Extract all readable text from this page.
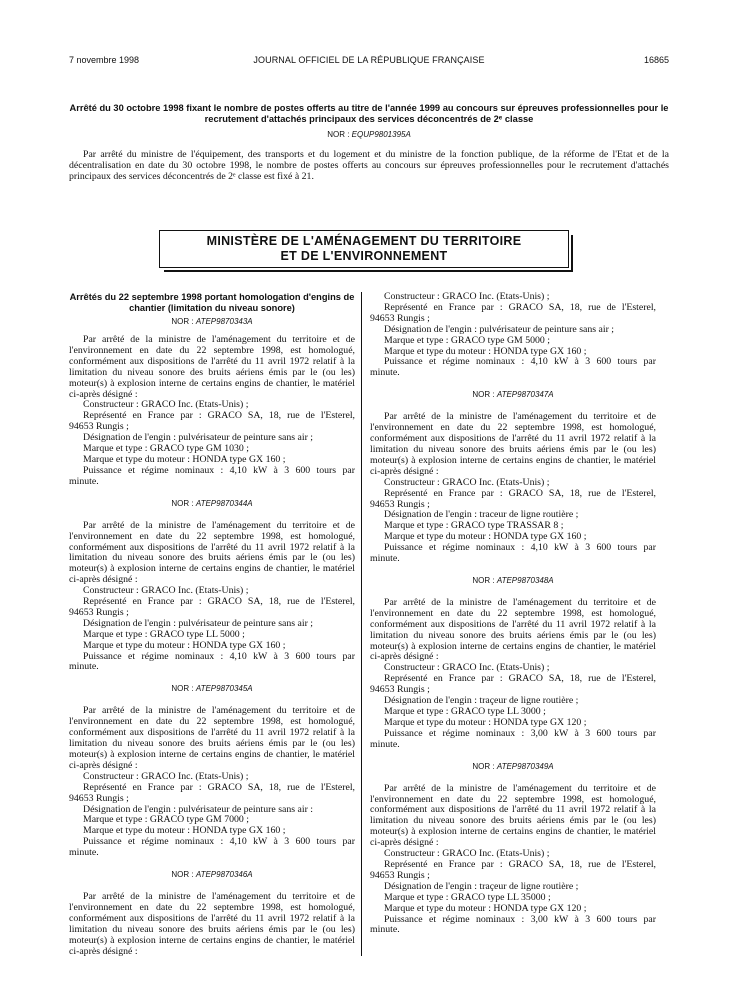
7 novembre 1998	JOURNAL OFFICIEL DE LA RÉPUBLIQUE FRANÇAISE	16865

Arrêté du 30 octobre 1998 fixant le nombre de postes offerts au titre de l'année 1999 au concours sur épreuves professionnelles pour le recrutement d'attachés principaux des services déconcentrés de 2ᵉ classe

NOR : EQUP9801395A

Par arrêté du ministre de l'équipement, des transports et du logement et du ministre de la fonction publique, de la réforme de l'Etat et de la décentralisation en date du 30 octobre 1998, le nombre de postes offerts au concours sur épreuves professionnelles pour le recrutement d'attachés principaux des services déconcentrés de 2ᵉ classe est fixé à 21.

MINISTÈRE DE L'AMÉNAGEMENT DU TERRITOIRE
ET DE L'ENVIRONNEMENT

Arrêtés du 22 septembre 1998 portant homologation d'engins de chantier (limitation du niveau sonore)

NOR : ATEP9870343A

Par arrêté de la ministre de l'aménagement du territoire et de l'environnement en date du 22 septembre 1998, est homologué, conformément aux dispositions de l'arrêté du 11 avril 1972 relatif à la limitation du niveau sonore des bruits aériens émis par le (ou les) moteur(s) à explosion interne de certains engins de chantier, le matériel ci-après désigné :

Constructeur : GRACO Inc. (Etats-Unis) ;

Représenté en France par : GRACO SA, 18, rue de l'Esterel,

94653 Rungis ;

Désignation de l'engin : pulvérisateur de peinture sans air ;

Marque et type : GRACO type GM 1030 ;

Marque et type du moteur : HONDA type GX 160 ;

Puissance et régime nominaux : 4,10 kW à 3 600 tours par

minute.

NOR : ATEP9870344A

Par arrêté de la ministre de l'aménagement du territoire et de l'environnement en date du 22 septembre 1998, est homologué, conformément aux dispositions de l'arrêté du 11 avril 1972 relatif à la limitation du niveau sonore des bruits aériens émis par le (ou les) moteur(s) à explosion interne de certains engins de chantier, le matériel ci-après désigné :

Constructeur : GRACO Inc. (Etats-Unis) ;

Représenté en France par : GRACO SA, 18, rue de l'Esterel,

94653 Rungis ;

Désignation de l'engin : pulvérisateur de peinture sans air ;

Marque et type : GRACO type LL 5000 ;

Marque et type du moteur : HONDA type GX 160 ;

Puissance et régime nominaux : 4,10 kW à 3 600 tours par

minute.

NOR : ATEP9870345A

Par arrêté de la ministre de l'aménagement du territoire et de l'environnement en date du 22 septembre 1998, est homologué, conformément aux dispositions de l'arrêté du 11 avril 1972 relatif à la limitation du niveau sonore des bruits aériens émis par le (ou les) moteur(s) à explosion interne de certains engins de chantier, le matériel ci-après désigné :

Constructeur : GRACO Inc. (Etats-Unis) ;

Représenté en France par : GRACO SA, 18, rue de l'Esterel,

94653 Rungis ;

Désignation de l'engin : pulvérisateur de peinture sans air :

Marque et type : GRACO type GM 7000 ;

Marque et type du moteur : HONDA type GX 160 ;

Puissance et régime nominaux : 4,10 kW à 3 600 tours par

minute.

NOR : ATEP9870346A

Par arrêté de la ministre de l'aménagement du territoire et de l'environnement en date du 22 septembre 1998, est homologué, conformément aux dispositions de l'arrêté du 11 avril 1972 relatif à la limitation du niveau sonore des bruits aériens émis par le (ou les) moteur(s) à explosion interne de certains engins de chantier, le matériel ci-après désigné :

Constructeur : GRACO Inc. (Etats-Unis) ;

Représenté en France par : GRACO SA, 18, rue de l'Esterel,

94653 Rungis ;

Désignation de l'engin : pulvérisateur de peinture sans air ;

Marque et type : GRACO type GM 5000 ;

Marque et type du moteur : HONDA type GX 160 ;

Puissance et régime nominaux : 4,10 kW à 3 600 tours par

minute.

NOR : ATEP9870347A

Par arrêté de la ministre de l'aménagement du territoire et de l'environnement en date du 22 septembre 1998, est homologué, conformément aux dispositions de l'arrêté du 11 avril 1972 relatif à la limitation du niveau sonore des bruits aériens émis par le (ou les) moteur(s) à explosion interne de certains engins de chantier, le matériel ci-après désigné :

Constructeur : GRACO Inc. (Etats-Unis) ;

Représenté en France par : GRACO SA, 18, rue de l'Esterel,

94653 Rungis ;

Désignation de l'engin : traceur de ligne routière ;

Marque et type : GRACO type TRASSAR 8 ;

Marque et type du moteur : HONDA type GX 160 ;

Puissance et régime nominaux : 4,10 kW à 3 600 tours par

minute.

NOR : ATEP9870348A

Par arrêté de la ministre de l'aménagement du territoire et de l'environnement en date du 22 septembre 1998, est homologué, conformément aux dispositions de l'arrêté du 11 avril 1972 relatif à la limitation du niveau sonore des bruits aériens émis par le (ou les) moteur(s) à explosion interne de certains engins de chantier, le matériel ci-après désigné :

Constructeur : GRACO Inc. (Etats-Unis) ;

Représenté en France par : GRACO SA, 18, rue de l'Esterel,

94653 Rungis ;

Désignation de l'engin : traçeur de ligne routière ;

Marque et type : GRACO type LL 3000 ;

Marque et type du moteur : HONDA type GX 120 ;

Puissance et régime nominaux : 3,00 kW à 3 600 tours par

minute.

NOR : ATEP9870349A

Par arrêté de la ministre de l'aménagement du territoire et de l'environnement en date du 22 septembre 1998, est homologué, conformément aux dispositions de l'arrêté du 11 avril 1972 relatif à la limitation du niveau sonore des bruits aériens émis par le (ou les) moteur(s) à explosion interne de certains engins de chantier, le matériel ci-après désigné :

Constructeur : GRACO Inc. (Etats-Unis) ;

Représenté en France par : GRACO SA, 18, rue de l'Esterel,

94653 Rungis ;

Désignation de l'engin : traçeur de ligne routière ;

Marque et type : GRACO type LL 35000 ;

Marque et type du moteur : HONDA type GX 120 ;

Puissance et régime nominaux : 3,00 kW à 3 600 tours par

minute.
